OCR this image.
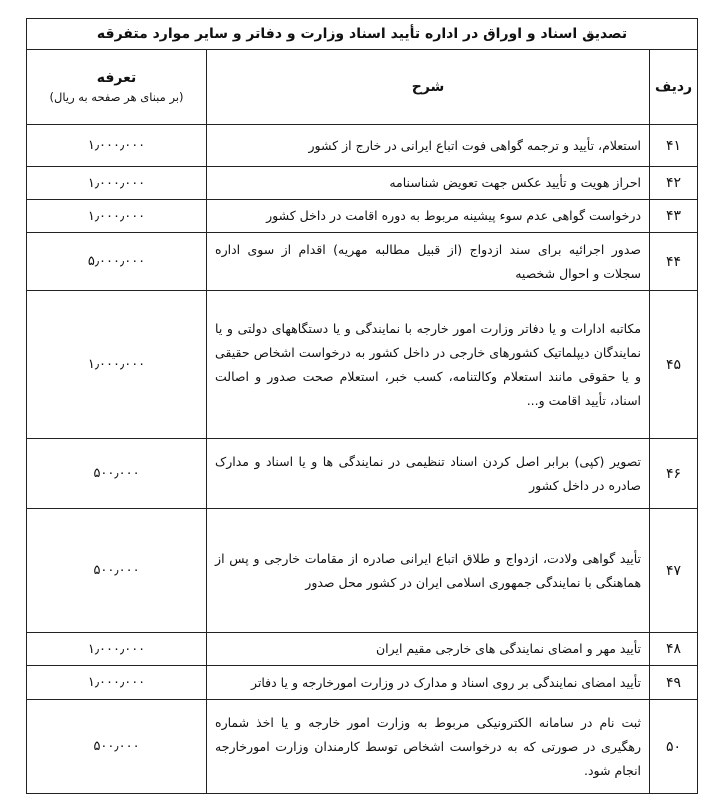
تصدیق اسناد و اوراق در اداره تأیید اسناد وزارت و دفاتر و سایر موارد متفرقه		
ردیف	شرح	تعرفه
(بر مبنای هر صفحه به ریال)

۴۱	استعلام، تأیید و ترجمه گواهی فوت اتباع ایرانی در خارج از کشور	۱٫۰۰۰٫۰۰۰
۴۲	احراز هویت و تأیید عکس جهت تعویض شناسنامه	۱٫۰۰۰٫۰۰۰
۴۳	درخواست گواهی عدم سوء پیشینه مربوط به دوره اقامت در داخل کشور	۱٫۰۰۰٫۰۰۰
۴۴	صدور اجرائیه برای سند ازدواج (از قبیل مطالبه مهریه) اقدام از سوی اداره سجلات و احوال شخصیه	۵٫۰۰۰٫۰۰۰
۴۵	مکاتبه ادارات و یا دفاتر وزارت امور خارجه با نمایندگی و یا دستگاههای دولتی و یا نمایندگان دیپلماتیک کشورهای خارجی در داخل کشور به درخواست اشخاص حقیقی و یا حقوقی مانند استعلام وکالتنامه، کسب خبر، استعلام صحت صدور و اصالت اسناد، تأیید اقامت و...	۱٫۰۰۰٫۰۰۰
۴۶	تصویر (کپی) برابر اصل کردن اسناد تنظیمی در نمایندگی ها و یا اسناد و مدارک صادره در داخل کشور	۵۰۰٫۰۰۰
۴۷	تأیید گواهی ولادت، ازدواج و طلاق اتباع ایرانی صادره از مقامات خارجی و پس از هماهنگی با نمایندگی جمهوری اسلامی ایران در کشور محل صدور	۵۰۰٫۰۰۰
۴۸	تأیید مهر و امضای نمایندگی های خارجی مقیم ایران	۱٫۰۰۰٫۰۰۰
۴۹	تأیید امضای نمایندگی بر روی اسناد و مدارک در وزارت امورخارجه و یا دفاتر	۱٫۰۰۰٫۰۰۰
۵۰	ثبت نام در سامانه الکترونیکی مربوط به وزارت امور خارجه و یا اخذ شماره رهگیری در صورتی که به درخواست اشخاص توسط کارمندان وزارت امورخارجه انجام شود.	۵۰۰٫۰۰۰
